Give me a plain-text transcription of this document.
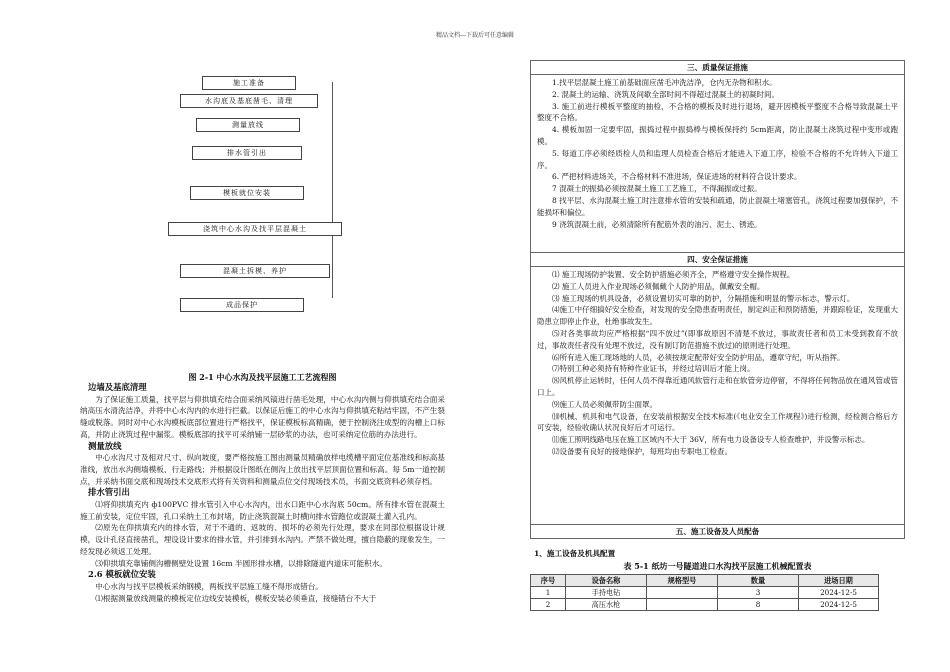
精品文档---下载后可任意编辑
施工准备
水沟底及基底凿毛、清理
测量放线
排水管引出
模板就位安装
浇筑中心水沟及找平层混凝土
混凝土拆模、养护
成品保护
图 2-1 中心水沟及找平层施工工艺流程图
边墙及基底清理

为了保证施工质量，找平层与仰拱填充结合面采纳风镐进行凿毛处理，中心水沟内侧与仰拱填充结合面采纳高压水清洗洁净，并将中心水沟内的水进行拦截。以保证后施工的中心水沟与仰拱填充粘结牢固，不产生裂缝或脱落。同时对中心水沟模板底部位置进行严格找平，保证模板标高精确，便于控制浇注成型的沟槽上口标高，并防止浇筑过程中漏浆。模板底部的找平可采纳铺一层砂浆的办法，也可采纳定位筋的办法进行。

测量放线

中心水沟尺寸及相对尺寸、纵向坡度，要严格按施工图由测量员精确放样电缆槽平面定位基准线和标高基准线，放出水沟侧墙模板、行走路线；并根据设计图纸在侧沟上放出找平层顶面位置和标高。每 5m一道控制点，并采纳书面交底和现场技术交底形式将有关资料和测量点位交付现场技术员，书面交底资料必须存档。

排水管引出

⑴将仰拱填充内 ф100PVC 排水管引入中心水沟内，出水口距中心水沟底 50cm。所有排水管在混凝土施工前安装，定位牢固，孔口采纳土工布封堵，防止浇筑混凝土时横向排水管跑位或混凝土灌入孔内。

⑵原先在仰拱填充内的排水管，对于不通的、返坡的、损坏的必须先行处理，要求在同部位根据设计规模，设计孔径直接凿孔，埋设设计要求的排水管，并引排到水沟内。严禁不做处理，擅自隐蔽的现象发生，一经发现必须返工处理。

⑶仰拱填充靠铺侧沟槽侧壁处设置 16cm 半圆形排水槽，以排除隧道内道床可能积水。

2.6 模板就位安装

中心水沟与找平层模板采纳钢模，两板找平层施工缝不得形成错台。

⑴根据测量放线测量的模板定位边线安装模板，模板安装必须垂直，接缝错台不大于

三、质量保证措施

1.找平层混凝土施工前基础面应凿毛冲洗洁净，仓内无杂物和积水。

2. 混凝土的运输、浇筑及间歇全部时间不得超过混凝土的初凝时间。

3. 施工前进行模板平整度的抽检，不合格的模板及时进行退场，避开因模板平整度不合格导致混凝土平整度不合格。

4. 模板加固一定要牢固，振捣过程中振捣棒与模板保持约 5cm距离，防止混凝土浇筑过程中变形或跑模。

5. 每道工序必须经质检人员和监理人员检查合格后才能进入下道工序，检验不合格的不允许转入下道工序。

6. 严把材料进场关，不合格材料不准进场，保证进场的材料符合设计要求。

7 混凝土的振捣必须按混凝土施工工艺施工，不得漏振或过振。

8 找平层、水沟混凝土施工时注意排水管的安装和疏通，防止混凝土堵塞管孔，浇筑过程要加强保护，不能损坏和偏位。

9 浇筑混凝土前，必须清除所有配筋外表的油污、泥土、锈迹。

四、安全保证措施

⑴ 施工现场防护装置、安全防护措施必须齐全，严格遵守安全操作规程。

⑵ 施工人员进入作业现场必须佩戴个人防护用品，佩戴安全帽。

⑶ 施工现场的机具设备，必须设置切实可靠的防护，分隔措施和明显的警示标志，警示灯。

⑷施工中仔细搞好安全检查，对发现的安全隐患查明责任，制定纠正和预防措施，并跟踪验证，发现重大隐患立即停止作业，杜绝事故发生。

⑸对各类事故均应严格根据“四不放过”(即事故原因不清楚不放过，事故责任者和员工未受到教育不放过，事故责任者没有处理不放过，没有制订防范措施不放过)的原则进行处理。

⑹所有进入施工现场地的人员，必须按规定配带好安全防护用品，遵章守纪，听从指挥。

⑺特别工种必须持有特种作业证书，并经过培训后才能上岗。

⑻风机停止运转时，任何人员不得靠近通风软管行走和在软管旁边停留，不得将任何物品放在通风管或管口上。

⑼施工人员必须佩带防尘面罩。

⑽机械、机具和电气设备，在安装前根据安全技术标准(《电业安全工作规程》)进行检测，经检测合格后方可安装，经验收确认状况良好后才可运行。

⑾施工照明线路电压在施工区域内不大于 36V，所有电力设备设专人检查维护，并设警示标志。

⑿设备要有良好的接地保护，每班均由专职电工检查。

五、施工设备及人员配备
1、施工设备及机具配置
表 5-1 纸坊一号隧道进口水沟找平层施工机械配置表
序号	设备名称	规格型号	数量	进场日期
1	手持电钻		3	2024-12-5
2	高压水枪		8	2024-12-5
